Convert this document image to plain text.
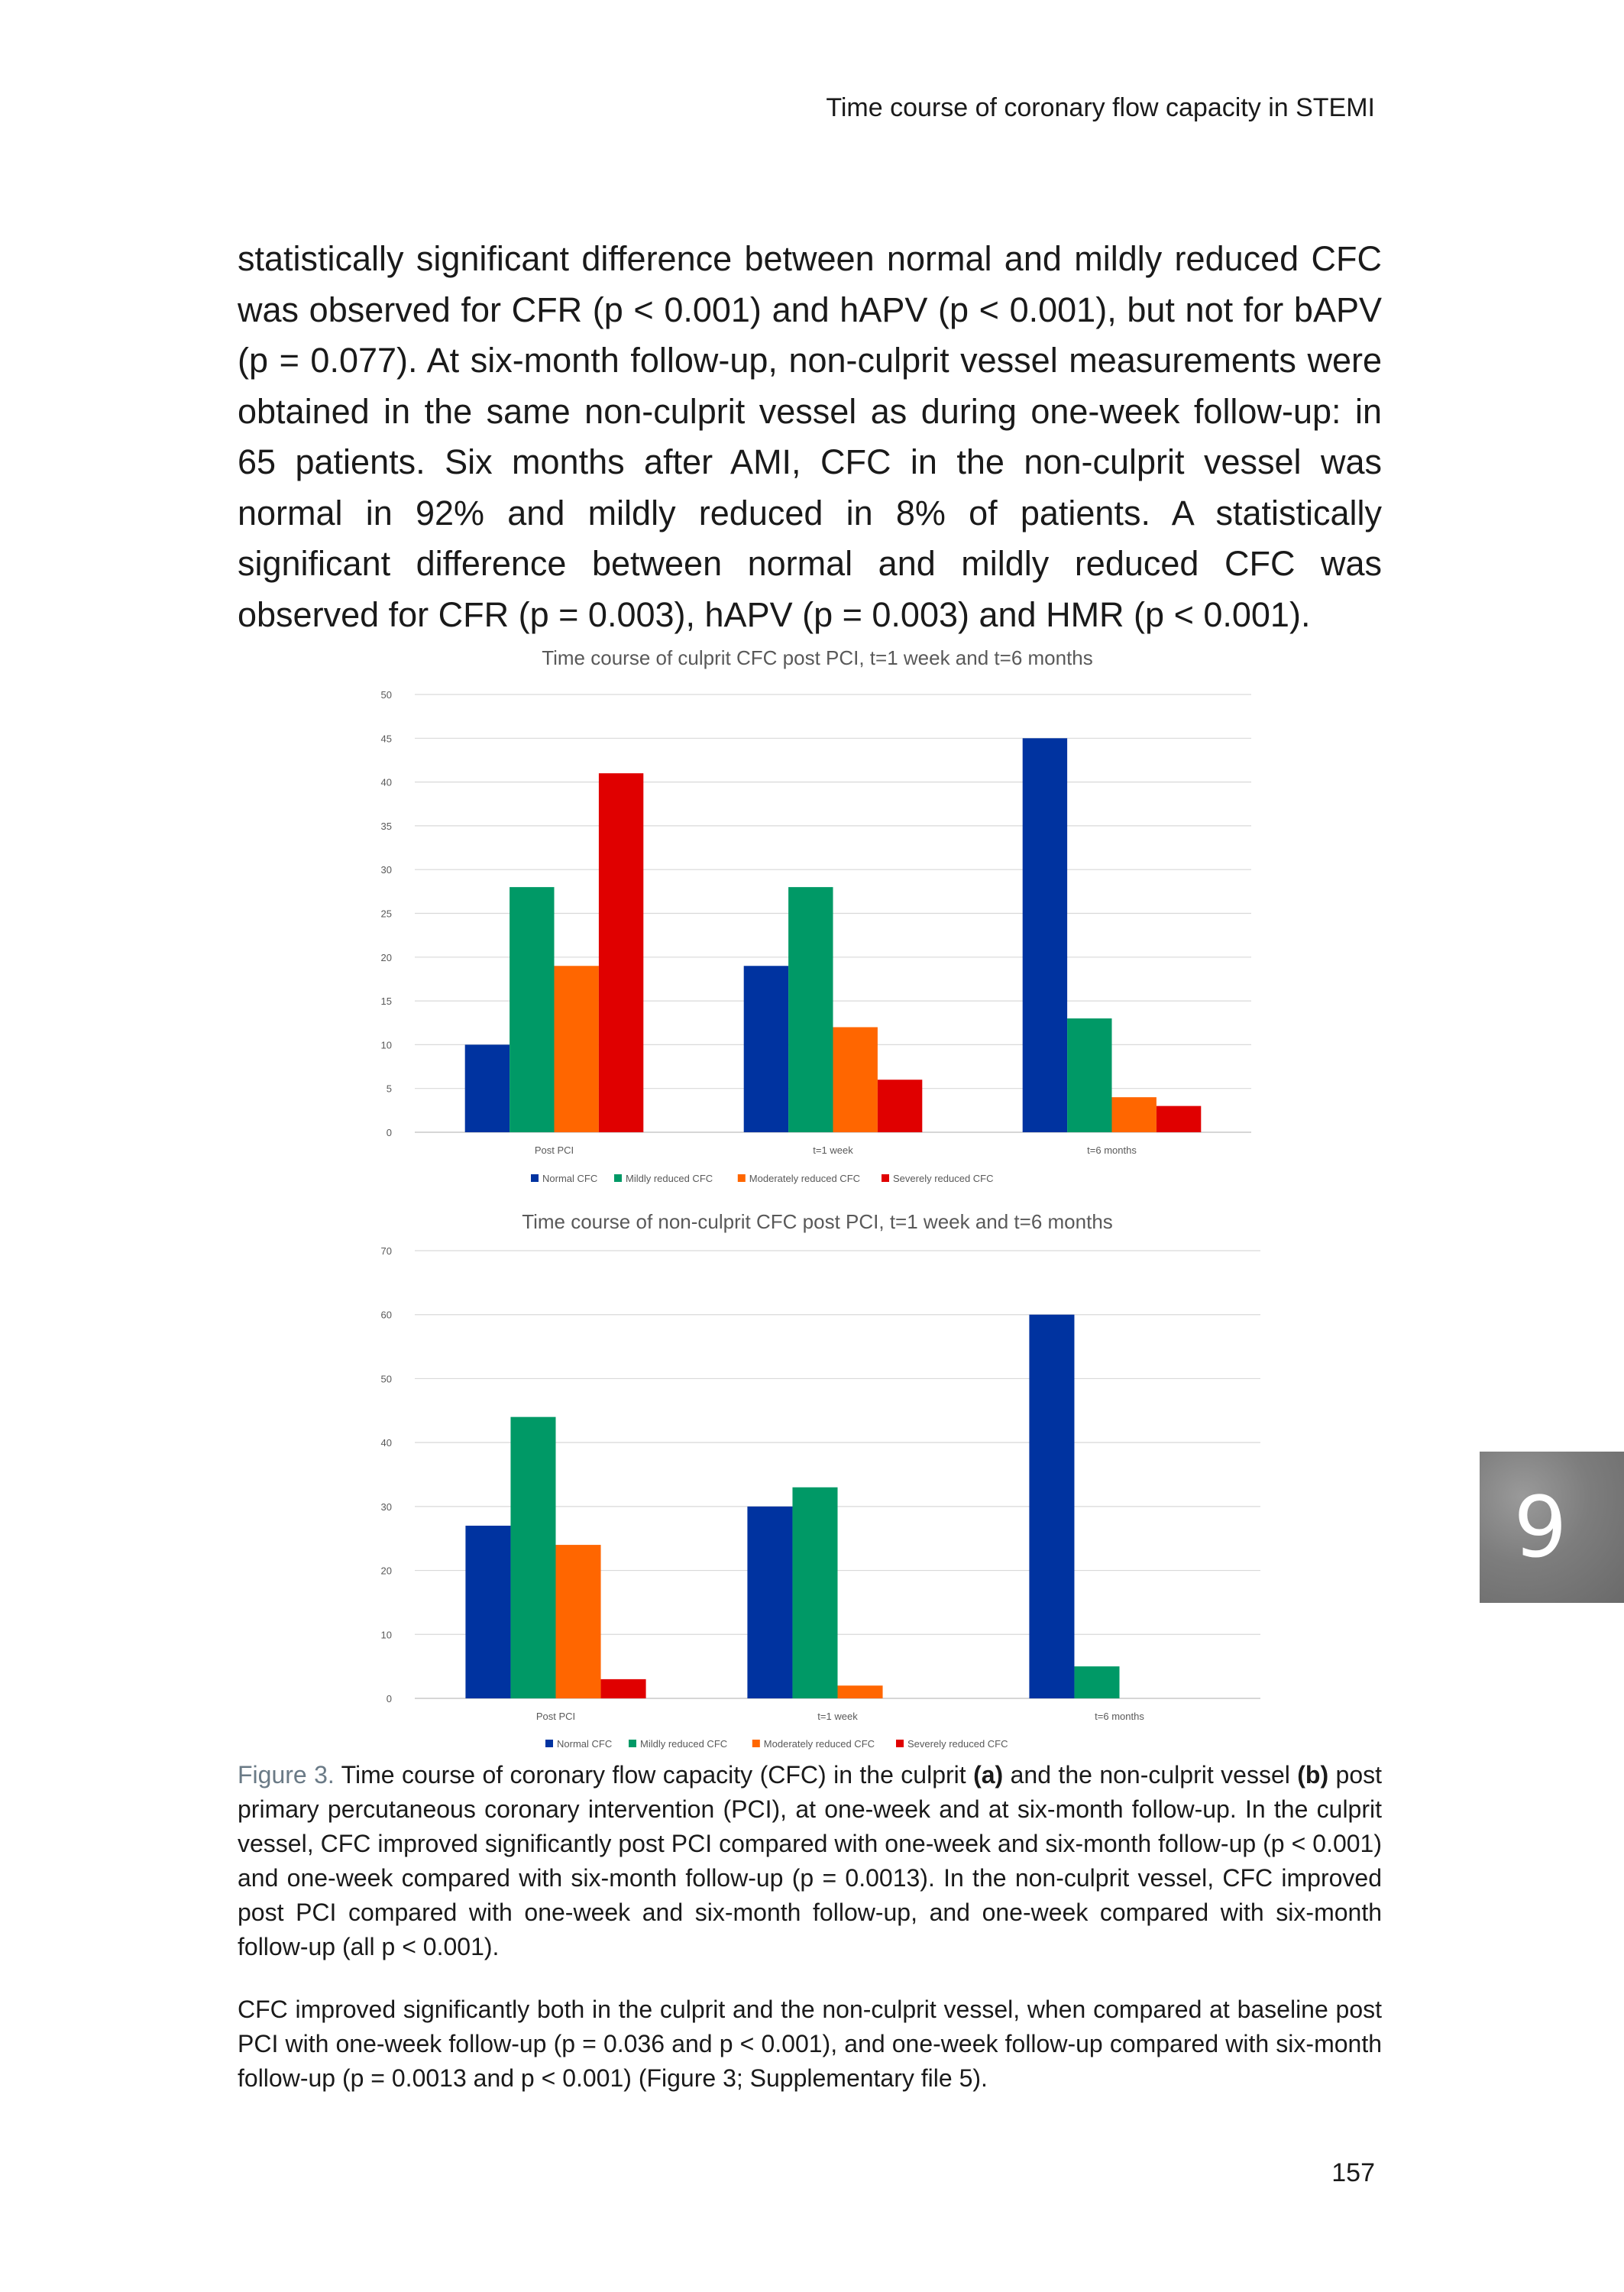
Time course of coronary flow capacity in STEMI

statistically significant difference between normal and mildly reduced CFC was observed for CFR (p < 0.001) and hAPV (p < 0.001), but not for bAPV (p = 0.077). At six-month follow-up, non-culprit vessel measurements were obtained in the same non-culprit vessel as during one-week follow-up: in 65 patients. Six months after AMI, CFC in the non-culprit vessel was normal in 92% and mildly reduced in 8% of patients. A statistically significant difference between normal and mildly reduced CFC was observed for CFR (p = 0.003), hAPV (p = 0.003) and HMR (p < 0.001).

Time course of culprit CFC post PCI, t=1 week and t=6 months
0
5
10
15
20
25
30
35
40
45
50
Post PCI	t=1 week	t=6 months
Normal CFC	Mildly reduced CFC	Moderately reduced CFC	Severely reduced CFC
Time course of non-culprit CFC post PCI, t=1 week and t=6 months
0
10
20
30
40
50
60
70
Post PCI	t=1 week	t=6 months
Normal CFC	Mildly reduced CFC	Moderately reduced CFC	Severely reduced CFC

Figure 3. Time course of coronary flow capacity (CFC) in the culprit (a) and the non-culprit vessel (b) post primary percutaneous coronary intervention (PCI), at one-week and at six-month follow-up. In the culprit vessel, CFC improved significantly post PCI compared with one-week and six-month follow-up (p < 0.001) and one-week compared with six-month follow-up (p = 0.0013). In the non-culprit vessel, CFC improved post PCI compared with one-week and six-month follow-up, and one-week compared with six-month follow-up (all p < 0.001).

CFC improved significantly both in the culprit and the non-culprit vessel, when compared at baseline post PCI with one-week follow-up (p = 0.036 and p < 0.001), and one-week follow-up compared with six-month follow-up (p = 0.0013 and p < 0.001) (Figure 3; Supplementary file 5).

157
9
